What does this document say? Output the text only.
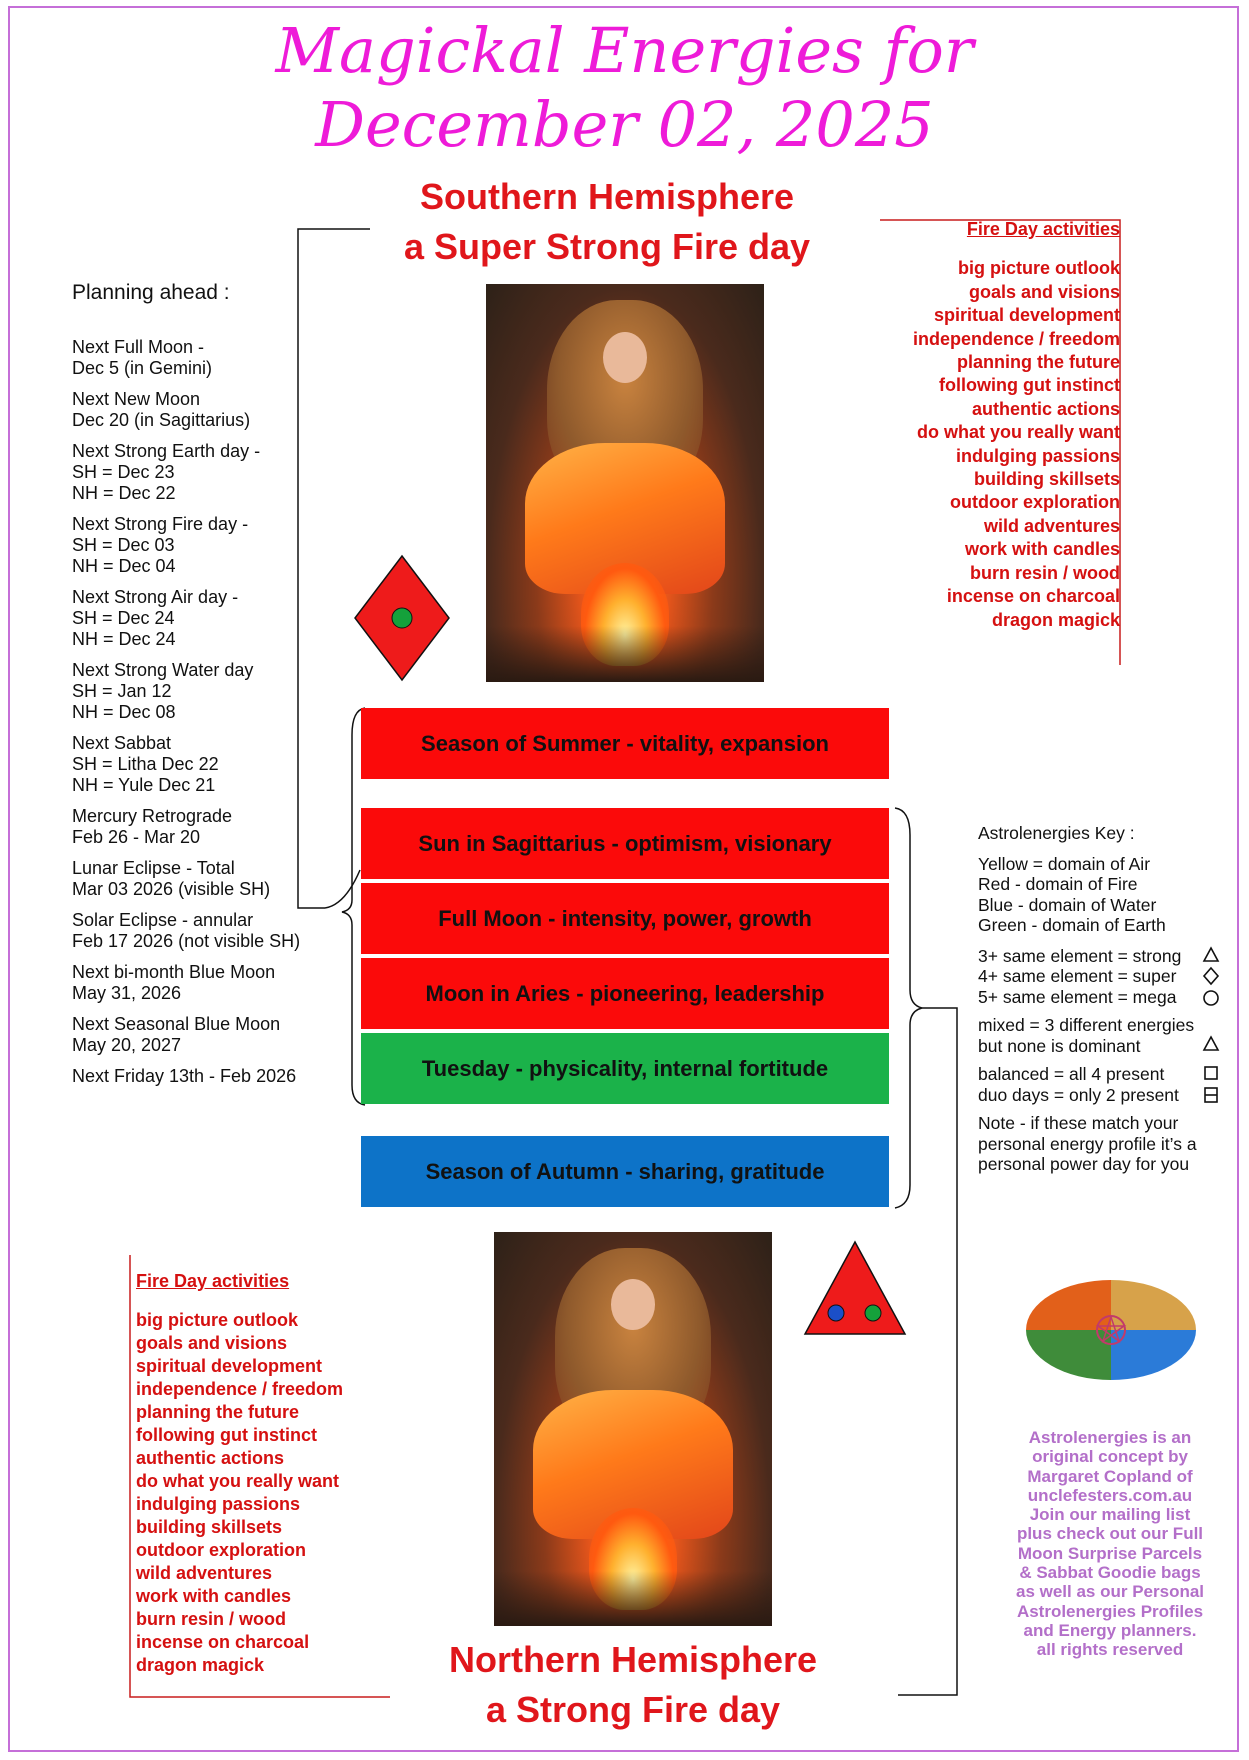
Magickal Energies for
December 02, 2025
Southern Hemisphere
a Super Strong Fire day
Northern Hemisphere
a Strong Fire day
Planning ahead :
Next Full Moon -
Dec 5 (in Gemini)
Next New Moon
Dec 20 (in Sagittarius)
Next Strong Earth day -
SH = Dec 23
NH = Dec 22
Next Strong Fire day -
SH = Dec 03
NH = Dec 04
Next Strong Air day -
SH = Dec 24
NH = Dec 24
Next Strong Water day
SH = Jan 12
NH = Dec 08
Next Sabbat
SH = Litha Dec 22
NH = Yule Dec 21
Mercury Retrograde
Feb 26 - Mar 20
Lunar Eclipse - Total
Mar 03 2026 (visible SH)
Solar Eclipse - annular
Feb 17 2026 (not visible SH)
Next bi-month Blue Moon
May 31, 2026
Next Seasonal Blue Moon
May 20, 2027
Next Friday 13th - Feb 2026
Fire Day activities
big picture outlook
goals and visions
spiritual development
independence / freedom
planning the future
following gut instinct
authentic actions
do what you really want
indulging passions
building skillsets
outdoor exploration
wild adventures
work with candles
burn resin / wood
incense on charcoal
dragon magick
Fire Day activities
big picture outlook
goals and visions
spiritual development
independence / freedom
planning the future
following gut instinct
authentic actions
do what you really want
indulging passions
building skillsets
outdoor exploration
wild adventures
work with candles
burn resin / wood
incense on charcoal
dragon magick
Season of Summer - vitality, expansion
Sun in Sagittarius - optimism, visionary
Full Moon - intensity, power, growth
Moon in Aries - pioneering, leadership
Tuesday - physicality, internal fortitude
Season of Autumn - sharing, gratitude
Astrolenergies Key :
Yellow = domain of Air
Red - domain of Fire
Blue - domain of Water
Green - domain of Earth
3+ same element = strong
4+ same element = super
5+ same element = mega
mixed = 3 different energies
but none is dominant
balanced = all 4 present
duo days = only 2 present
Note - if these match your personal energy profile it’s a personal power day for you
Astrolenergies is an
original concept by
Margaret Copland of
unclefesters.com.au
Join our mailing list
plus check out our Full
Moon Surprise Parcels
& Sabbat Goodie bags
as well as our Personal
Astrolenergies Profiles
and Energy planners.
all rights reserved
